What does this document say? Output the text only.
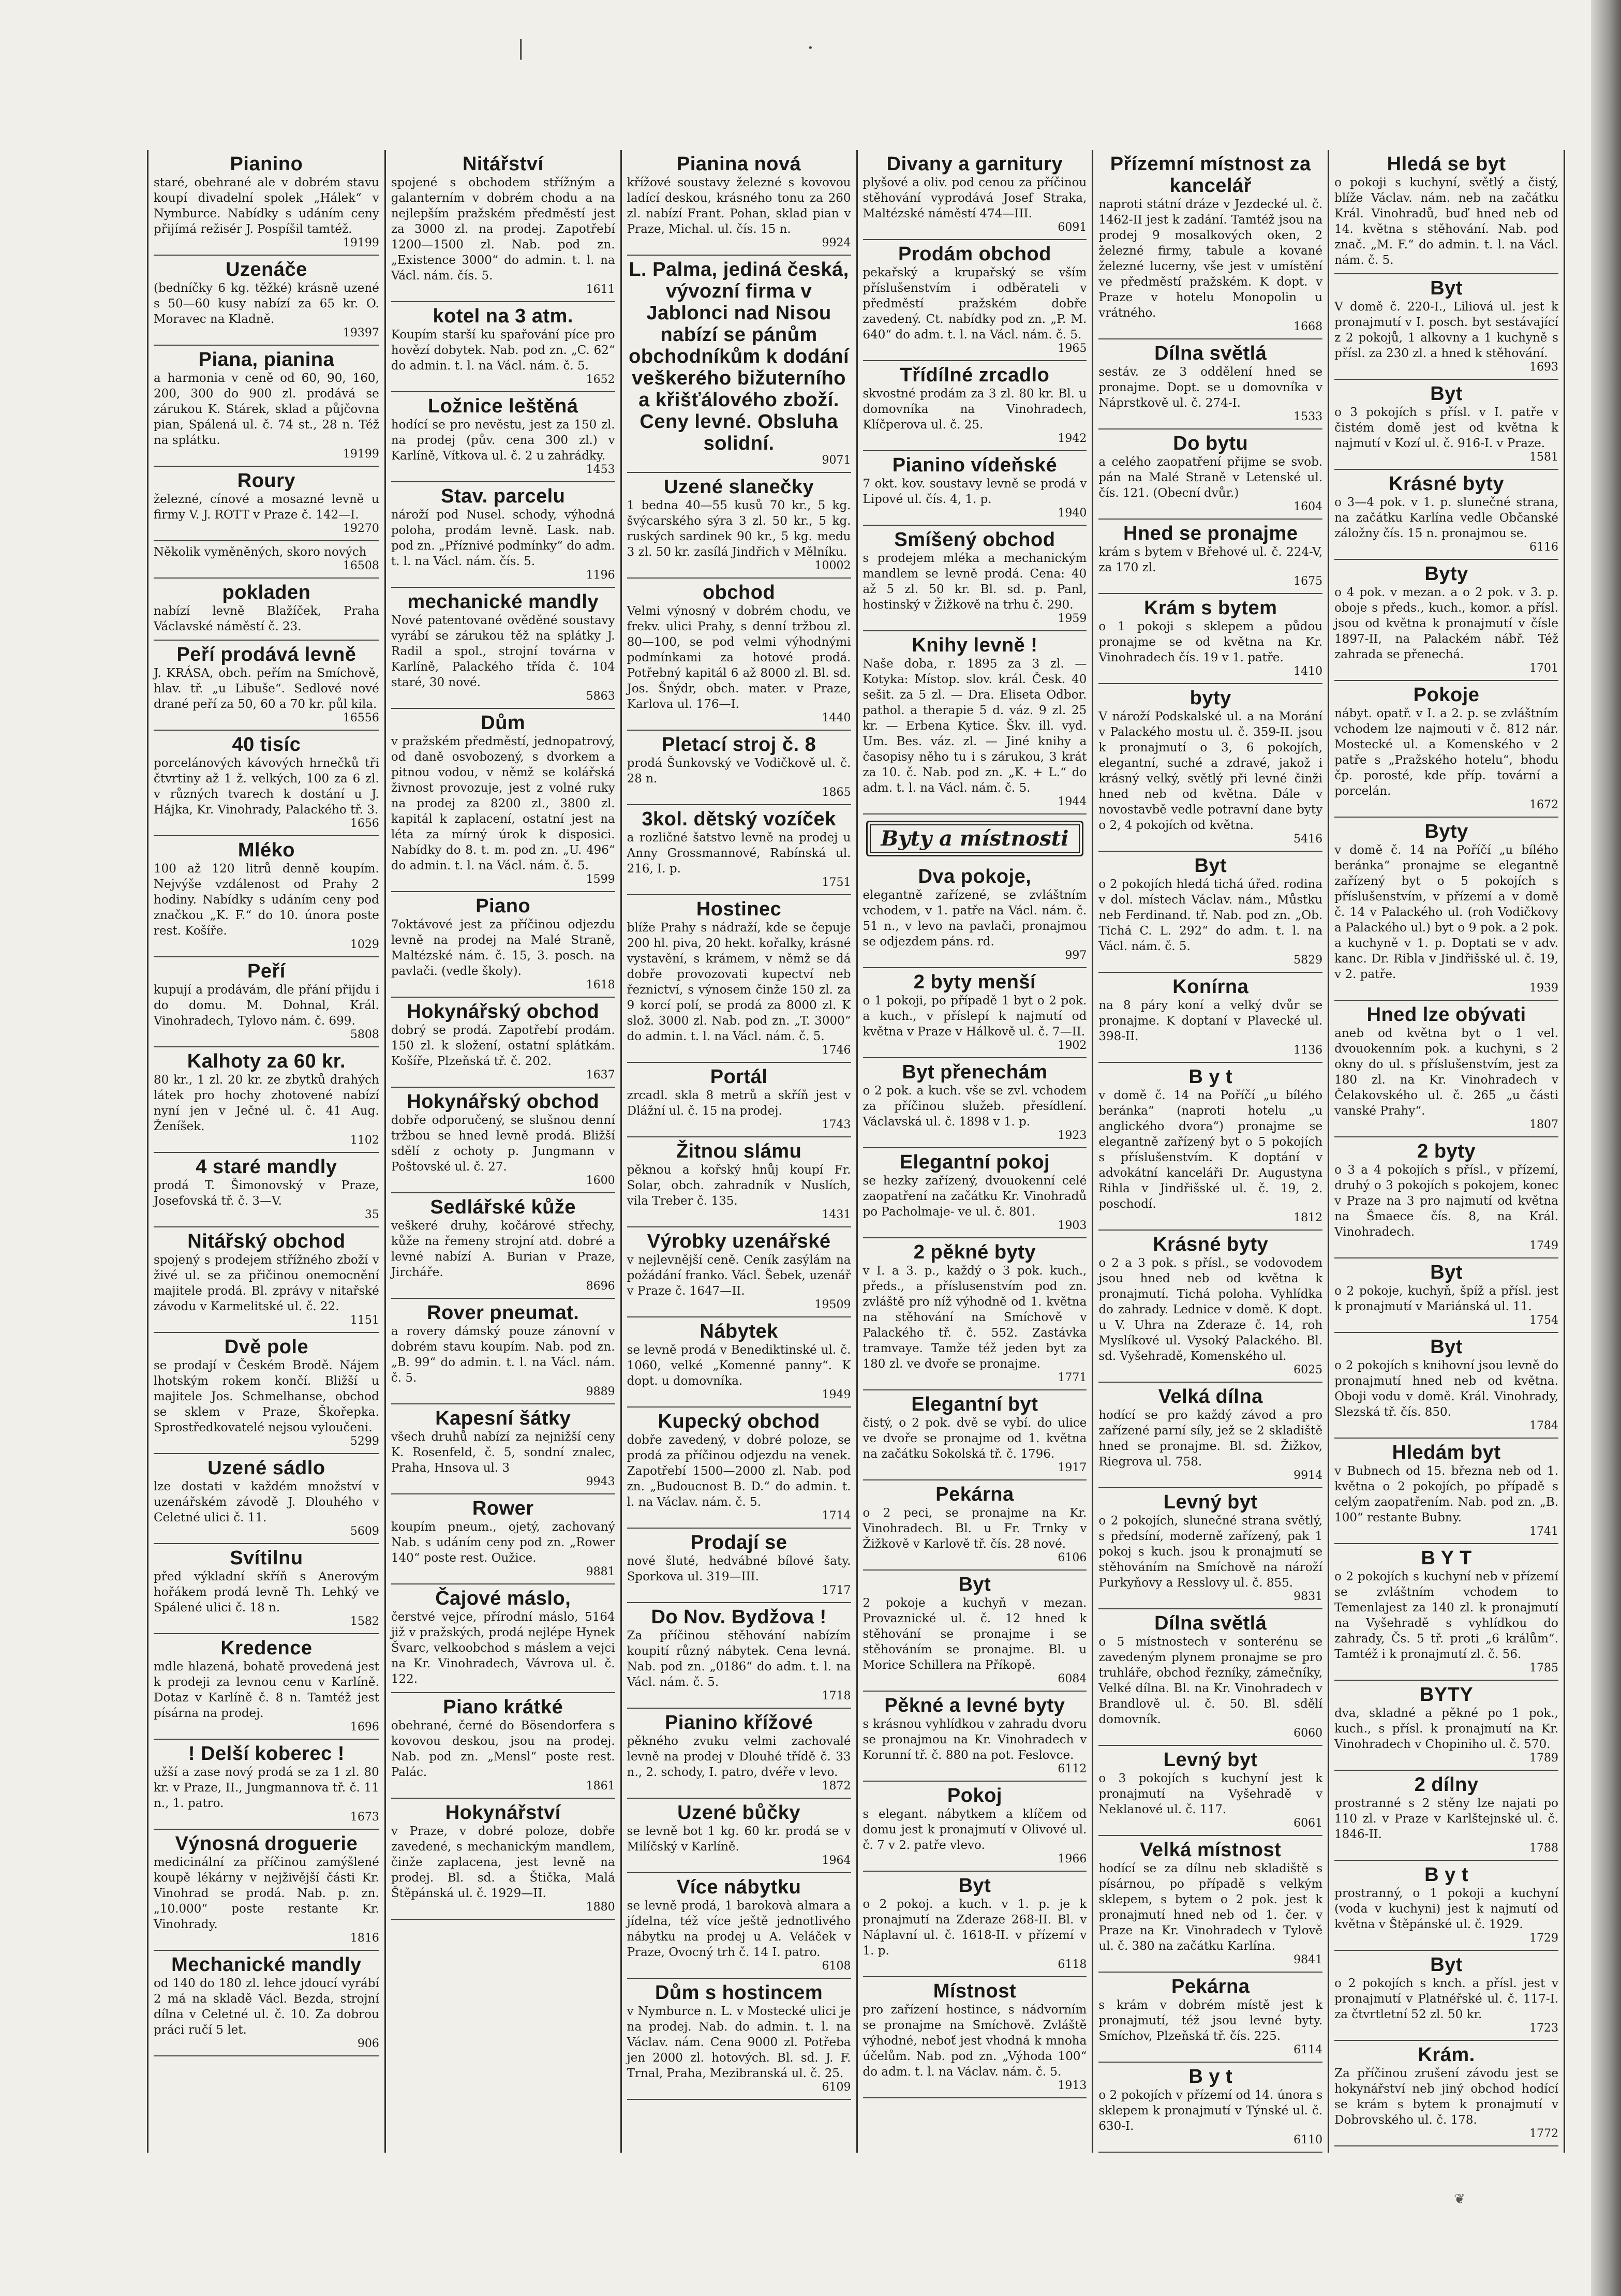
|	·
Pianino
staré, obehrané ale v dobrém stavu koupí divadelní spolek „Hálek“ v Nymburce. Nabídky s udáním ceny přijímá režisér J. Pospíšil tamtéž.
19199
Uzenáče
(bedníčky 6 kg. těžké) krásně uzené s 50—60 kusy nabízí za 65 kr. O. Moravec na Kladně.
19397
Piana, pianina
a harmonia v ceně od 60, 90, 160, 200, 300 do 900 zl. prodává se zárukou K. Stárek, sklad a půjčovna pian, Spálená ul. č. 74 st., 28 n. Též na splátku.
19199
Roury
železné, cínové a mosazné levně u firmy V. J. ROTT v Praze č. 142—I.
19270
Několik vyměněných, skoro nových
16508
pokladen
nabízí levně Blažíček, Praha Václavské náměstí č. 23.
Peří prodává levně
J. KRÁSA, obch. peřím na Smíchově, hlav. tř. „u Libuše“. Sedlové nové drané peří za 50, 60 a 70 kr. půl kila.
16556
40 tisíc
porcelánových kávových hrnečků tři čtvrtiny až 1 ž. velkých, 100 za 6 zl. v různých tvarech k dostání u J. Hájka, Kr. Vinohrady, Palackého tř. 3.
1656
Mléko
100 až 120 litrů denně koupím. Nejvýše vzdálenost od Prahy 2 hodiny. Nabídky s udáním ceny pod značkou „K. F.“ do 10. února poste rest. Košíře.
1029
Peří
kupují a prodávám, dle přání přijdu i do domu. M. Dohnal, Král. Vinohradech, Tylovo nám. č. 699.
5808
Kalhoty za 60 kr.
80 kr., 1 zl. 20 kr. ze zbytků drahých látek pro hochy zhotovené nabízí nyní jen v Ječné ul. č. 41 Aug. Ženíšek.
1102
4 staré mandly
prodá T. Šimonovský v Praze, Josefovská tř. č. 3—V.
35
Nitářský obchod
spojený s prodejem střížného zboží v živé ul. se za přičinou onemocnění majitele prodá. Bl. zprávy v nitařské závodu v Karmelitské ul. č. 22.
1151
Dvě pole
se prodají v Českém Brodě. Nájem lhotským rokem končí. Bližší u majitele Jos. Schmelhanse, obchod se sklem v Praze, Škořepka. Sprostředkovatelé nejsou vyloučeni.
5299
Uzené sádlo
lze dostati v každém množství v uzenářském závodě J. Dlouhého v Celetné ulici č. 11.
5609
Svítilnu
před výkladní skříň s Anerovým hořákem prodá levně Th. Lehký ve Spálené ulici č. 18 n.
1582
Kredence
mdle hlazená, bohatě provedená jest k prodeji za levnou cenu v Karlíně. Dotaz v Karlíně č. 8 n. Tamtéž jest písárna na prodej.
1696
! Delší koberec !
užší a zase nový prodá se za 1 zl. 80 kr. v Praze, II., Jungmannova tř. č. 11 n., 1. patro.
1673
Výnosná droguerie
medicinální za příčinou zamýšlené koupě lékárny v nejživější části Kr. Vinohrad se prodá. Nab. p. zn. „10.000“ poste restante Kr. Vinohrady.
1816
Mechanické mandly
od 140 do 180 zl. lehce jdoucí vyrábí 2 má na skladě Václ. Bezda, strojní dílna v Celetné ul. č. 10. Za dobrou práci ručí 5 let.
906
Nitářství
spojené s obchodem střížným a galanterním v dobrém chodu a na nejlepším pražském předměstí jest za 3000 zl. na prodej. Zapotřebí 1200—1500 zl. Nab. pod zn. „Existence 3000“ do admin. t. l. na Václ. nám. čís. 5.
1611
kotel na 3 atm.
Koupím starší ku spařování píce pro hovězí dobytek. Nab. pod zn. „C. 62“ do admin. t. l. na Václ. nám. č. 5.
1652
Ložnice leštěná
hodící se pro nevěstu, jest za 150 zl. na prodej (pův. cena 300 zl.) v Karlíně, Vítkova ul. č. 2 u zahrádky.
1453
Stav. parcelu
nároží pod Nusel. schody, výhodná poloha, prodám levně. Lask. nab. pod zn. „Příznivé podmínky“ do adm. t. l. na Václ. nám. čís. 5.
1196
mechanické mandly
Nové patentované ověděné soustavy vyrábí se zárukou těž na splátky J. Radil a spol., strojní továrna v Karlíně, Palackého třída č. 104 staré, 30 nové.
5863
Dům
v pražském předměstí, jednopatrový, od daně osvobozený, s dvorkem a pitnou vodou, v němž se kolářská živnost provozuje, jest z volné ruky na prodej za 8200 zl., 3800 zl. kapitál k zaplacení, ostatní jest na léta za mírný úrok k disposici. Nabídky do 8. t. m. pod zn. „U. 496“ do admin. t. l. na Václ. nám. č. 5.
1599
Piano
7oktávové jest za příčinou odjezdu levně na prodej na Malé Straně, Maltézské nám. č. 15, 3. posch. na pavlači. (vedle školy).
1618
Hokynářský obchod
dobrý se prodá. Zapotřebí prodám. 150 zl. k složení, ostatní splátkám. Košíře, Plzeňská tř. č. 202.
1637
Hokynářský obchod
dobře odporučený, se slušnou denní tržbou se hned levně prodá. Bližší sdělí z ochoty p. Jungmann v Poštovské ul. č. 27.
1600
Sedlářské kůže
veškeré druhy, kočárové střechy, kůže na řemeny strojní atd. dobré a levné nabízí A. Burian v Praze, Jircháře.
8696
Rover pneumat.
a rovery dámský pouze zánovní v dobrém stavu koupím. Nab. pod zn. „B. 99“ do admin. t. l. na Václ. nám. č. 5.
9889
Kapesní šátky
všech druhů nabízí za nejnižší ceny K. Rosenfeld, č. 5, sondní znalec, Praha, Hnsova ul. 3
9943
Rower
koupím pneum., ojetý, zachovaný Nab. s udáním ceny pod zn. „Rower 140“ poste rest. Oužice.
9881
Čajové máslo,
čerstvé vejce, přírodní máslo, 5164 již v pražských, prodá nejlépe Hynek Švarc, velkoobchod s máslem a vejci na Kr. Vinohradech, Vávrova ul. č. 122.
Piano krátké
obehrané, černé do Bösendorfera s kovovou deskou, jsou na prodej. Nab. pod zn. „Mensl“ poste rest. Palác.
1861
Hokynářství
v Praze, v dobré poloze, dobře zavedené, s mechanickým mandlem, činže zaplacena, jest levně na prodej. Bl. sd. a Štička, Malá Štěpánská ul. č. 1929—II.
1880
Pianina nová
křížové soustavy železné s kovovou ladící deskou, krásného tonu za 260 zl. nabízí Frant. Pohan, sklad pian v Praze, Michal. ul. čís. 15 n.
9924
L. Palma, jediná česká, vývozní firma v Jablonci nad Nisou nabízí se pánům obchodníkům k dodání veškerého bižuterního a křišťálového zboží. Ceny levné. Obsluha solidní.
9071
Uzené slanečky
1 bedna 40—55 kusů 70 kr., 5 kg. švýcarského sýra 3 zl. 50 kr., 5 kg. ruských sardinek 90 kr., 5 kg. medu 3 zl. 50 kr. zasílá Jindřich v Mělníku.
10002
obchod
Velmi výnosný v dobrém chodu, ve frekv. ulici Prahy, s denní tržbou zl. 80—100, se pod velmi výhodnými podmínkami za hotové prodá. Potřebný kapitál 6 až 8000 zl. Bl. sd. Jos. Šnýdr, obch. mater. v Praze, Karlova ul. 176—I.
1440
Pletací stroj č. 8
prodá Šunkovský ve Vodičkově ul. č. 28 n.
1865
3kol. dětský vozíček
a rozličné šatstvo levně na prodej u Anny Grossmannové, Rabínská ul. 216, I. p.
1751
Hostinec
blíže Prahy s nádraží, kde se čepuje 200 hl. piva, 20 hekt. kořalky, krásné vystavění, s krámem, v němž se dá dobře provozovati kupectví neb řeznictví, s výnosem činže 150 zl. za 9 korcí polí, se prodá za 8000 zl. K slož. 3000 zl. Nab. pod zn. „T. 3000“ do admin. t. l. na Václ. nám. č. 5.
1746
Portál
zrcadl. skla 8 metrů a skříň jest v Dlážní ul. č. 15 na prodej.
1743
Žitnou slámu
pěknou a kořský hnůj koupí Fr. Solar, obch. zahradník v Nuslích, vila Treber č. 135.
1431
Výrobky uzenářské
v nejlevnější ceně. Ceník zasýlám na požádání franko. Václ. Šebek, uzenář v Praze č. 1647—II.
19509
Nábytek
se levně prodá v Benediktinské ul. č. 1060, velké „Komenné panny“. K dopt. u domovníka.
1949
Kupecký obchod
dobře zavedený, v dobré poloze, se prodá za příčinou odjezdu na venek. Zapotřebí 1500—2000 zl. Nab. pod zn. „Budoucnost B. D.“ do admin. t. l. na Václav. nám. č. 5.
1714
Prodají se
nové šluté, hedvábné bílové šaty. Sporkova ul. 319—III.
1717
Do Nov. Bydžova !
Za příčinou stěhování nabízím koupití různý nábytek. Cena levná. Nab. pod zn. „0186“ do adm. t. l. na Václ. nám. č. 5.
1718
Pianino křížové
pěkného zvuku velmi zachovalé levně na prodej v Dlouhé třídě č. 33 n., 2. schody, I. patro, dvéře v levo.
1872
Uzené bůčky
se levně bot 1 kg. 60 kr. prodá se v Milíčský v Karlíně.
1964
Více nábytku
se levně prodá, 1 barokovà almara a jídelna, též více ještě jednotlivého nábytku na prodej u A. Veláček v Praze, Ovocný trh č. 14 I. patro.
6108
Dům s hostincem
v Nymburce n. L. v Mostecké ulici je na prodej. Nab. do admin. t. l. na Václav. nám. Cena 9000 zl. Potřeba jen 2000 zl. hotových. Bl. sd. J. F. Trnal, Praha, Mezibranská ul. č. 25.
6109
Divany a garnitury
plyšové a oliv. pod cenou za příčinou stěhování vyprodává Josef Straka, Maltézské náměstí 474—III.
6091
Prodám obchod
pekařský a krupařský se vším příslušenstvím i odběrateli v předměstí pražském dobře zavedený. Ct. nabídky pod zn. „P. M. 640“ do adm. t. l. na Václ. nám. č. 5.
1965
Třídílné zrcadlo
skvostné prodám za 3 zl. 80 kr. Bl. u domovníka na Vinohradech, Klíčperova ul. č. 25.
1942
Pianino vídeňské
7 okt. kov. soustavy levně se prodá v Lipové ul. čís. 4, 1. p.
1940
Smíšený obchod
s prodejem mléka a mechanickým mandlem se levně prodá. Cena: 40 až 5 zl. 50 kr. Bl. sd. p. Panl, hostinský v Žižkově na trhu č. 290.
1959
Knihy levně !
Naše doba, r. 1895 za 3 zl. — Kotyka: Místop. slov. král. Česk. 40 sešit. za 5 zl. — Dra. Eliseta Odbor. pathol. a therapie 5 d. váz. 9 zl. 25 kr. — Erbena Kytice. Škv. ill. vyd. Um. Bes. váz. zl. — Jiné knihy a časopisy něho tu i s zárukou, 3 krát za 10. č. Nab. pod zn. „K. + L.“ do adm. t. l. na Václ. nám. č. 5.
1944
Byty a místnosti
Dva pokoje,
elegantně zařízené, se zvláštním vchodem, v 1. patře na Václ. nám. č. 51 n., v levo na pavlači, pronajmou se odjezdem páns. rd.
997
2 byty menší
o 1 pokoji, po případě 1 byt o 2 pok. a kuch., v příslepí k najmutí od května v Praze v Hálkově ul. č. 7—II.
1902
Byt přenechám
o 2 pok. a kuch. vše se zvl. vchodem za příčinou služeb. přesídlení. Václavská ul. č. 1898 v 1. p.
1923
Elegantní pokoj
se hezky zařízený, dvouokenní celé zaopatření na začátku Kr. Vinohradů po Pacholmaje- ve ul. č. 801.
1903
2 pěkné byty
v I. a 3. p., každý o 3 pok. kuch., předs., a příslusenstvím pod zn. zvláště pro níž výhodně od 1. května na stěhování na Smíchově v Palackého tř. č. 552. Zastávka tramvaye. Tamže též jeden byt za 180 zl. ve dvoře se pronajme.
1771
Elegantní byt
čistý, o 2 pok. dvě se vybí. do ulice ve dvoře se pronajme od 1. května na začátku Sokolská tř. č. 1796.
1917
Pekárna
o 2 peci, se pronajme na Kr. Vinohradech. Bl. u Fr. Trnky v Žižkově v Karlově tř. čís. 28 nové.
6106
Byt
2 pokoje a kuchyň v mezan. Provaznické ul. č. 12 hned k stěhování se pronajme i se stěhováním se pronajme. Bl. u Morice Schillera na Příkopě.
6084
Pěkné a levné byty
s krásnou vyhlídkou v zahradu dvoru se pronajmou na Kr. Vinohradech v Korunní tř. č. 880 na pot. Feslovce.
6112
Pokoj
s elegant. nábytkem a klíčem od domu jest k pronajmutí v Olivové ul. č. 7 v 2. patře vlevo.
1966
Byt
o 2 pokoj. a kuch. v 1. p. je k pronajmutí na Zderaze 268-II. Bl. v Náplavní ul. č. 1618-II. v přízemí v 1. p.
6118
Místnost
pro zařízení hostince, s nádvorním se pronajme na Smíchově. Zvláště výhodné, neboť jest vhodná k mnoha účelům. Nab. pod zn. „Výhoda 100“ do adm. t. l. na Václav. nám. č. 5.
1913
Přízemní místnost za kancelář
naproti státní dráze v Jezdecké ul. č. 1462-II jest k zadání. Tamtéž jsou na prodej 9 mosalkových oken, 2 železné firmy, tabule a kované železné lucerny, vše jest v umístění ve předměstí pražském. K dopt. v Praze v hotelu Monopolin u vrátného.
1668
Dílna světlá
sestáv. ze 3 oddělení hned se pronajme. Dopt. se u domovníka v Náprstkově ul. č. 274-I.
1533
Do bytu
a celého zaopatření přijme se svob. pán na Malé Straně v Letenské ul. čís. 121. (Obecní dvůr.)
1604
Hned se pronajme
krám s bytem v Břehové ul. č. 224-V, za 170 zl.
1675
Krám s bytem
o 1 pokoji s sklepem a půdou pronajme se od května na Kr. Vinohradech čís. 19 v 1. patře.
1410
byty
V nároží Podskalské ul. a na Morání v Palackého mostu ul. č. 359-II. jsou k pronajmutí o 3, 6 pokojích, elegantní, suché a zdravé, jakož i krásný velký, světlý při levné činži hned neb od května. Dále v novostavbě vedle potravní dane byty o 2, 4 pokojích od května.
5416
Byt
o 2 pokojích hledá tichá úřed. rodina v dol. místech Václav. nám., Můstku neb Ferdinand. tř. Nab. pod zn. „Ob. Tichá C. L. 292“ do adm. t. l. na Václ. nám. č. 5.
5829
Konírna
na 8 páry koní a velký dvůr se pronajme. K doptaní v Plavecké ul. 398-II.
1136
B y t
v domě č. 14 na Poříčí „u bílého beránka“ (naproti hotelu „u anglického dvora“) pronajme se elegantně zařízený byt o 5 pokojích s příslušenstvím. K doptání v advokátní kanceláři Dr. Augustyna Rihla v Jindřišské ul. č. 19, 2. poschodí.
1812
Krásné byty
o 2 a 3 pok. s přísl., se vodovodem jsou hned neb od května k pronajmutí. Tichá poloha. Vyhlídka do zahrady. Lednice v domě. K dopt. u V. Uhra na Zderaze č. 14, roh Myslíkové ul. Vysoký Palackého. Bl. sd. Vyšehradě, Komenského ul.
6025
Velká dílna
hodící se pro každý závod a pro zařízené parní síly, jež se 2 skladiště hned se pronajme. Bl. sd. Žižkov, Riegrova ul. 758.
9914
Levný byt
o 2 pokojích, slunečné strana světlý, s předsíní, moderně zařízený, pak 1 pokoj s kuch. jsou k pronajmutí se stěhováním na Smíchově na nároží Purkyňovy a Resslovy ul. č. 855.
9831
Dílna světlá
o 5 místnostech v sonterénu se zavedeným plynem pronajme se pro truhláře, obchod řezníky, zámečníky, Velké dílna. Bl. na Kr. Vinohradech v Brandlově ul. č. 50. Bl. sdělí domovník.
6060
Levný byt
o 3 pokojích s kuchyní jest k pronajmutí na Vyšehradě v Neklanové ul. č. 117.
6061
Velká místnost
hodící se za dílnu neb skladiště s písárnou, po případě s velkým sklepem, s bytem o 2 pok. jest k pronajmutí hned neb od 1. čer. v Praze na Kr. Vinohradech v Tylově ul. č. 380 na začátku Karlína.
9841
Pekárna
s krám v dobrém místě jest k pronajmutí, též jsou levné byty. Smíchov, Plzeňská tř. čís. 225.
6114
B y t
o 2 pokojích v přízemí od 14. února s sklepem k pronajmutí v Týnské ul. č. 630-I.
6110
Hledá se byt
o pokoji s kuchyní, světlý a čistý, blíže Václav. nám. neb na začátku Král. Vinohradů, buď hned neb od 14. května s stěhování. Nab. pod znač. „M. F.“ do admin. t. l. na Václ. nám. č. 5.
Byt
V domě č. 220-I., Liliová ul. jest k pronajmutí v I. posch. byt sestávající z 2 pokojů, 1 alkovny a 1 kuchyně s přísl. za 230 zl. a hned k stěhování.
1693
Byt
o 3 pokojích s přísl. v I. patře v čistém domě jest od května k najmutí v Kozí ul. č. 916-I. v Praze.
1581
Krásné byty
o 3—4 pok. v 1. p. slunečné strana, na začátku Karlína vedle Občanské záložny čís. 15 n. pronajmou se.
6116
Byty
o 4 pok. v mezan. a o 2 pok. v 3. p. oboje s předs., kuch., komor. a přísl. jsou od května k pronajmutí v čísle 1897-II, na Palackém nábř. Též zahrada se přenechá.
1701
Pokoje
nábyt. opatř. v I. a 2. p. se zvláštním vchodem lze najmouti v č. 812 nár. Mostecké ul. a Komenského v 2 patře s „Pražského hotelu“, bhodu čp. porosté, kde příp. tovární a porcelán.
1672
Byty
v domě č. 14 na Poříčí „u bílého beránka“ pronajme se elegantně zařízený byt o 5 pokojích s příslušenstvím, v přízemí a v domě č. 14 v Palackého ul. (roh Vodičkovy a Palackého ul.) byt o 9 pok. a 2 pok. a kuchyně v 1. p. Doptati se v adv. kanc. Dr. Ribla v Jindřišské ul. č. 19, v 2. patře.
1939
Hned lze obývati
aneb od května byt o 1 vel. dvouokenním pok. a kuchyni, s 2 okny do ul. s příslušenstvím, jest za 180 zl. na Kr. Vinohradech v Čelakovského ul. č. 265 „u části vanské Prahy“.
1807
2 byty
o 3 a 4 pokojích s přísl., v přízemí, druhý o 3 pokojích s pokojem, konec v Praze na 3 pro najmutí od května na Šmaece čís. 8, na Král. Vinohradech.
1749
Byt
o 2 pokoje, kuchyň, špíž a přísl. jest k pronajmutí v Mariánská ul. 11.
1754
Byt
o 2 pokojích s knihovní jsou levně do pronajmutí hned neb od května. Oboji vodu v domě. Král. Vinohrady, Slezská tř. čís. 850.
1784
Hledám byt
v Bubnech od 15. března neb od 1. května o 2 pokojích, po případě s celým zaopatřením. Nab. pod zn. „B. 100“ restante Bubny.
1741
B Y T
o 2 pokojích s kuchyní neb v přízemí se zvláštním vchodem to Temenlajest za 140 zl. k pronajmutí na Vyšehradě s vyhlídkou do zahrady, Čs. 5 tř. proti „6 králům“. Tamtéž i k pronajmutí zl. č. 56.
1785
BYTY
dva, skladné a pěkné po 1 pok., kuch., s přísl. k pronajmutí na Kr. Vinohradech v Chopiniho ul. č. 570.
1789
2 dílny
prostranné s 2 stěny lze najati po 110 zl. v Praze v Karlštejnské ul. č. 1846-II.
1788
B y t
prostranný, o 1 pokoji a kuchyní (voda v kuchyni) jest k najmutí od května v Štěpánské ul. č. 1929.
1729
Byt
o 2 pokojích s knch. a přísl. jest v pronajmutí v Platnéřské ul. č. 117-I. za čtvrtletní 52 zl. 50 kr.
1723
Krám.
Za příčinou zrušení závodu jest se hokynářství neb jiný obchod hodící se krám s bytem k pronajmutí v Dobrovského ul. č. 178.
1772
❦
